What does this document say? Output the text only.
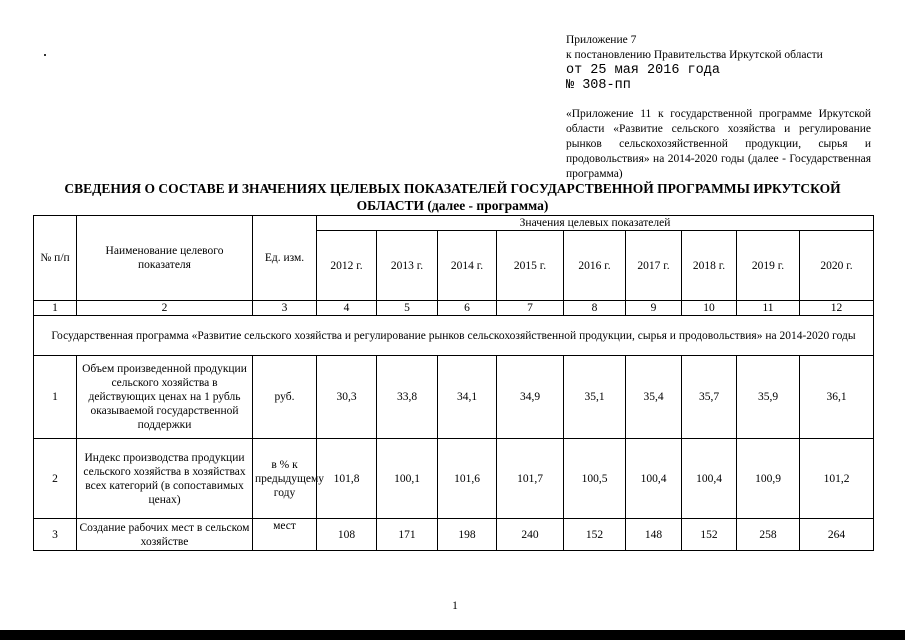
Приложение 7
к постановлению Правительства Иркутской области
от 25 мая 2016 года
№ 308-пп
«Приложение 11 к государственной программе Иркутской области «Развитие сельского хозяйства и регулирование рынков сельскохозяйственной продукции, сырья и продовольствия» на 2014-2020 годы (далее - Государственная программа)
СВЕДЕНИЯ О СОСТАВЕ И ЗНАЧЕНИЯХ ЦЕЛЕВЫХ ПОКАЗАТЕЛЕЙ ГОСУДАРСТВЕННОЙ ПРОГРАММЫ ИРКУТСКОЙ ОБЛАСТИ (далее - программа)
№ п/п	Наименование целевого показателя	Ед. изм.	Значения целевых показателей								
			2012 г.	2013 г.	2014 г.	2015 г.	2016 г.	2017 г.	2018 г.	2019 г.	2020 г.
1	2	3	4	5	6	7	8	9	10	11	12
Государственная программа «Развитие сельского хозяйства и регулирование рынков сельскохозяйственной продукции, сырья и продовольствия» на 2014-2020 годы											
1	Объем произведенной продукции сельского хозяйства в действующих ценах на 1 рубль оказываемой государственной поддержки	руб.	30,3	33,8	34,1	34,9	35,1	35,4	35,7	35,9	36,1
2	Индекс производства продукции сельского хозяйства в хозяйствах всех категорий (в сопоставимых ценах)	в % к предыдущему году	101,8	100,1	101,6	101,7	100,5	100,4	100,4	100,9	101,2
3	Создание рабочих мест в сельском хозяйстве	мест	108	171	198	240	152	148	152	258	264
1
